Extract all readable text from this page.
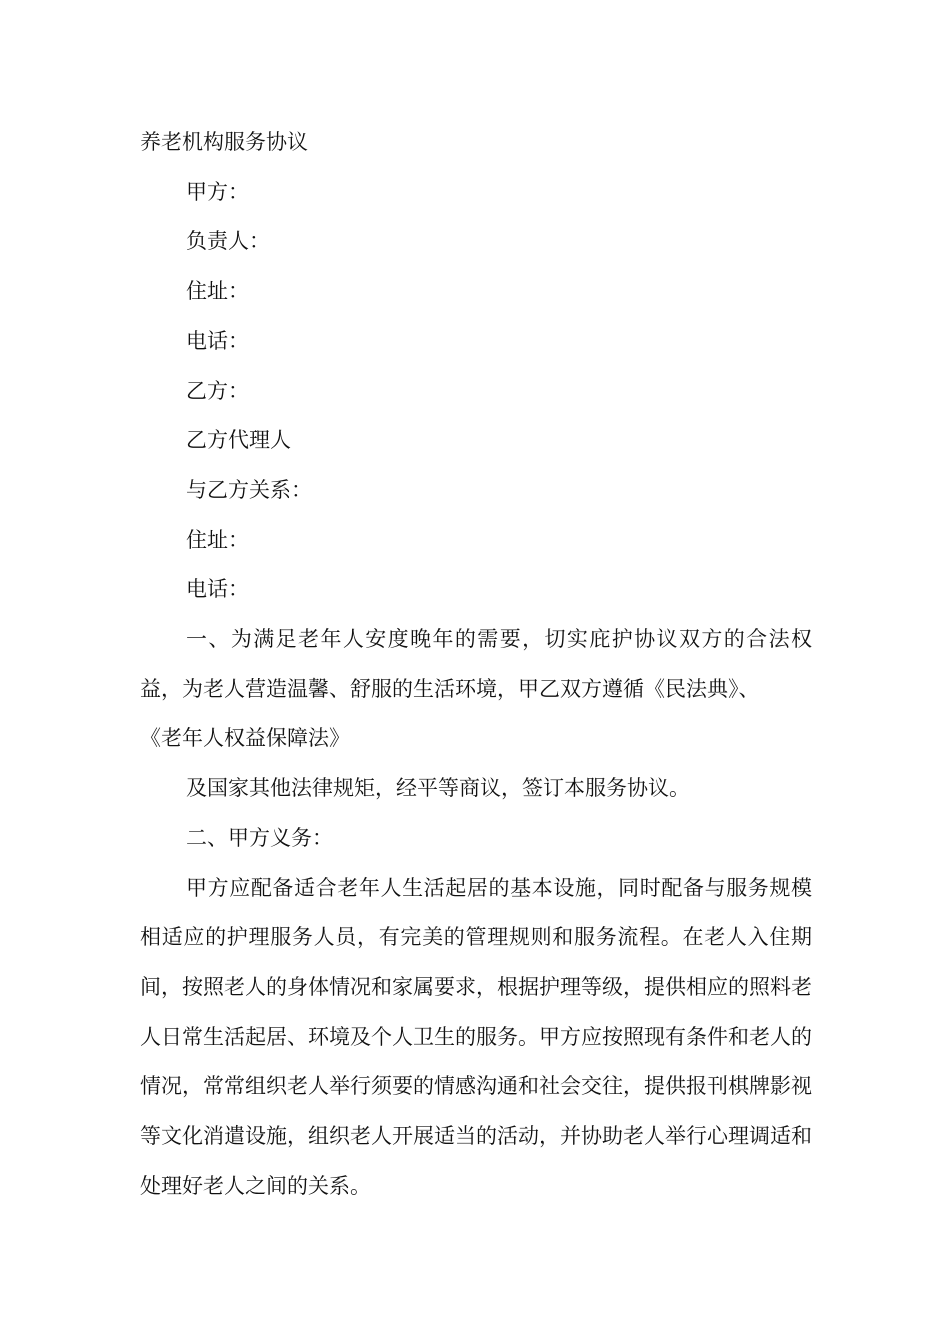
养老机构服务协议

甲方：

负责人：

住址：

电话：

乙方：

乙方代理人

与乙方关系：

住址：

电话：

一、为满足老年人安度晚年的需要，切实庇护协议双方的合法权益，为老人营造温馨、舒服的生活环境，甲乙双方遵循《民法典》、

《老年人权益保障法》

及国家其他法律规矩，经平等商议，签订本服务协议。

二、甲方义务：

甲方应配备适合老年人生活起居的基本设施，同时配备与服务规模相适应的护理服务人员，有完美的管理规则和服务流程。在老人入住期间，按照老人的身体情况和家属要求，根据护理等级，提供相应的照料老人日常生活起居、环境及个人卫生的服务。甲方应按照现有条件和老人的情况，常常组织老人举行须要的情感沟通和社会交往，提供报刊棋牌影视等文化消遣设施，组织老人开展适当的活动，并协助老人举行心理调适和处理好老人之间的关系。
